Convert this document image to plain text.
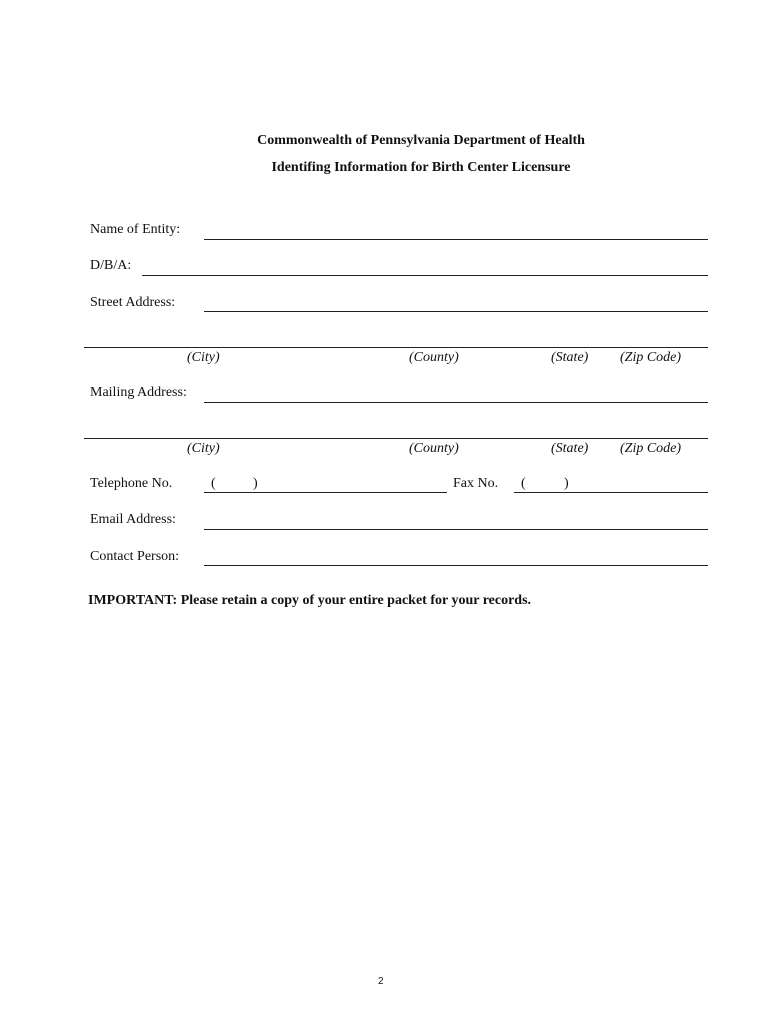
Commonwealth of Pennsylvania Department of Health
Identifing Information for Birth Center Licensure
Name of Entity:
D/B/A:
Street Address:
(City)	(County)	(State) (Zip Code)
Mailing Address:
(City)	(County)	(State) (Zip Code)
Telephone No.	(	)	Fax No. (	)
Email Address:
Contact Person:
IMPORTANT: Please retain a copy of your entire packet for your records.
2
